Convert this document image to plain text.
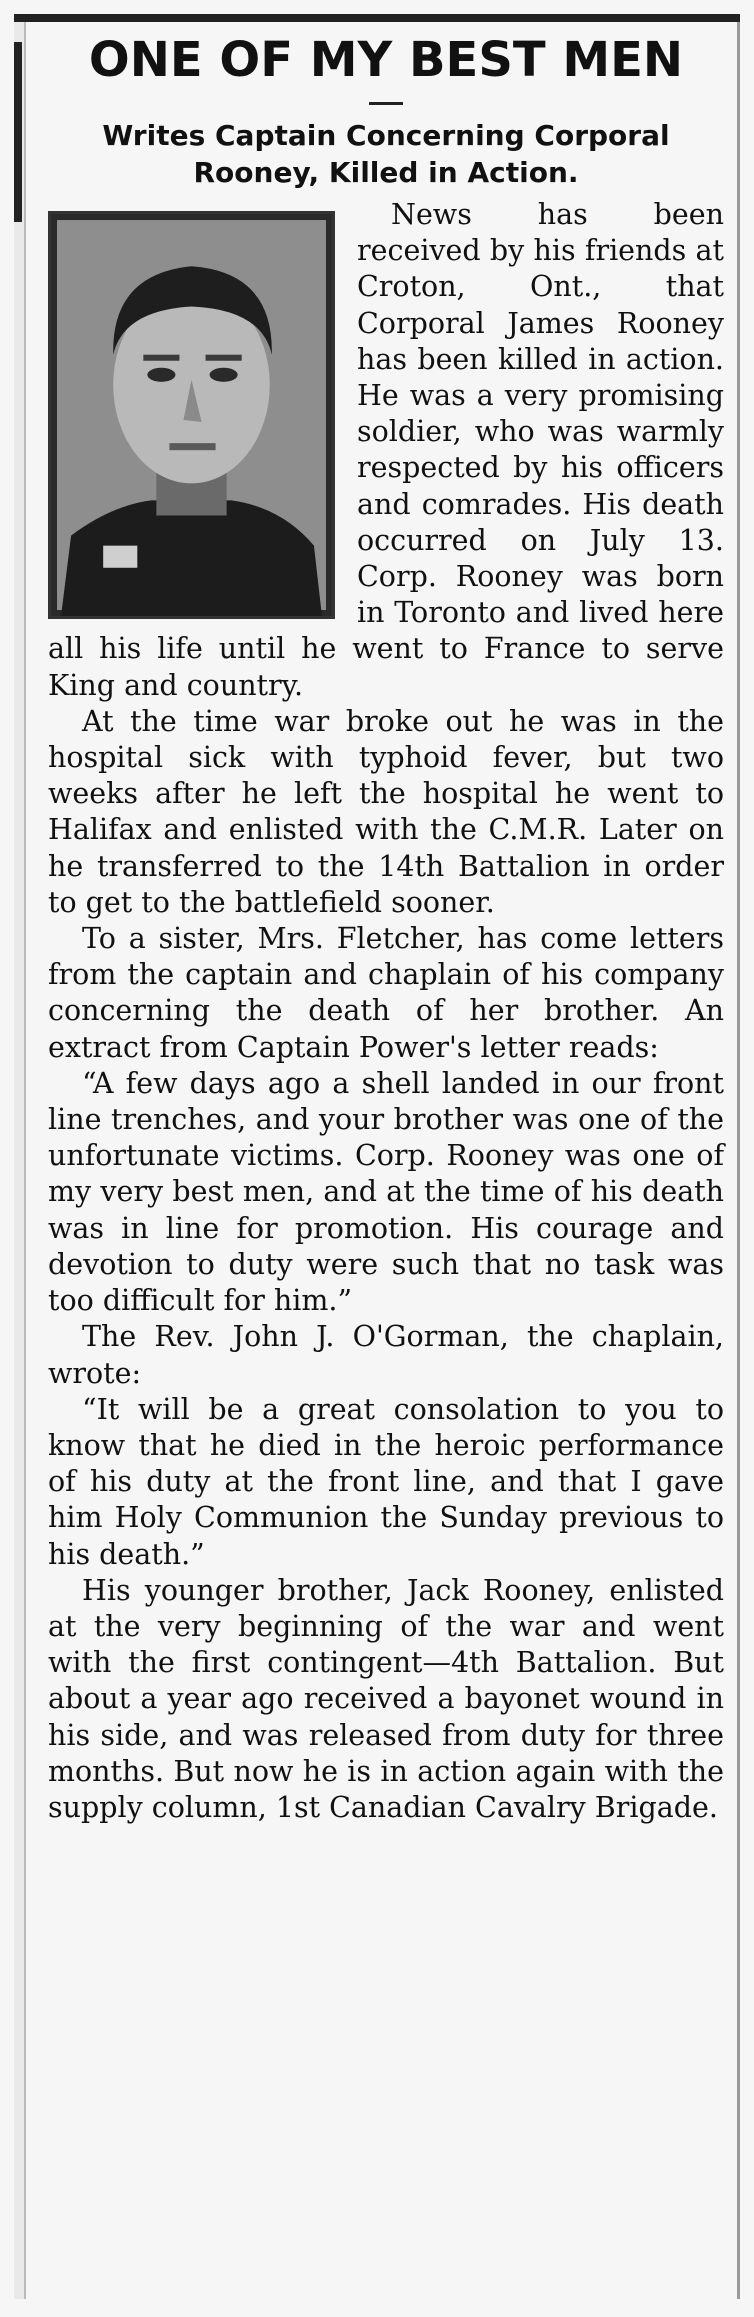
ONE OF MY BEST MEN
Writes Captain Concerning Corporal Rooney, Killed in Action.

News has been received by his friends at Croton, Ont., that Corporal James Rooney has been killed in action. He was a very promising soldier, who was warmly respected by his officers and comrades. His death occurred on July 13. Corp. Rooney was born in Toronto and lived here all his life until he went to France to serve King and country.

At the time war broke out he was in the hospital sick with typhoid fever, but two weeks after he left the hospital he went to Halifax and enlisted with the C.M.R. Later on he transferred to the 14th Battalion in order to get to the battlefield sooner.

To a sister, Mrs. Fletcher, has come letters from the captain and chaplain of his company concerning the death of her brother. An extract from Captain Power's letter reads:

“A few days ago a shell landed in our front line trenches, and your brother was one of the unfortunate victims. Corp. Rooney was one of my very best men, and at the time of his death was in line for promotion. His courage and devotion to duty were such that no task was too difficult for him.”

The Rev. John J. O'Gorman, the chaplain, wrote:

“It will be a great consolation to you to know that he died in the heroic performance of his duty at the front line, and that I gave him Holy Communion the Sunday previous to his death.”

His younger brother, Jack Rooney, enlisted at the very beginning of the war and went with the first contingent—4th Battalion. But about a year ago received a bayonet wound in his side, and was released from duty for three months. But now he is in action again with the supply column, 1st Canadian Cavalry Brigade.
